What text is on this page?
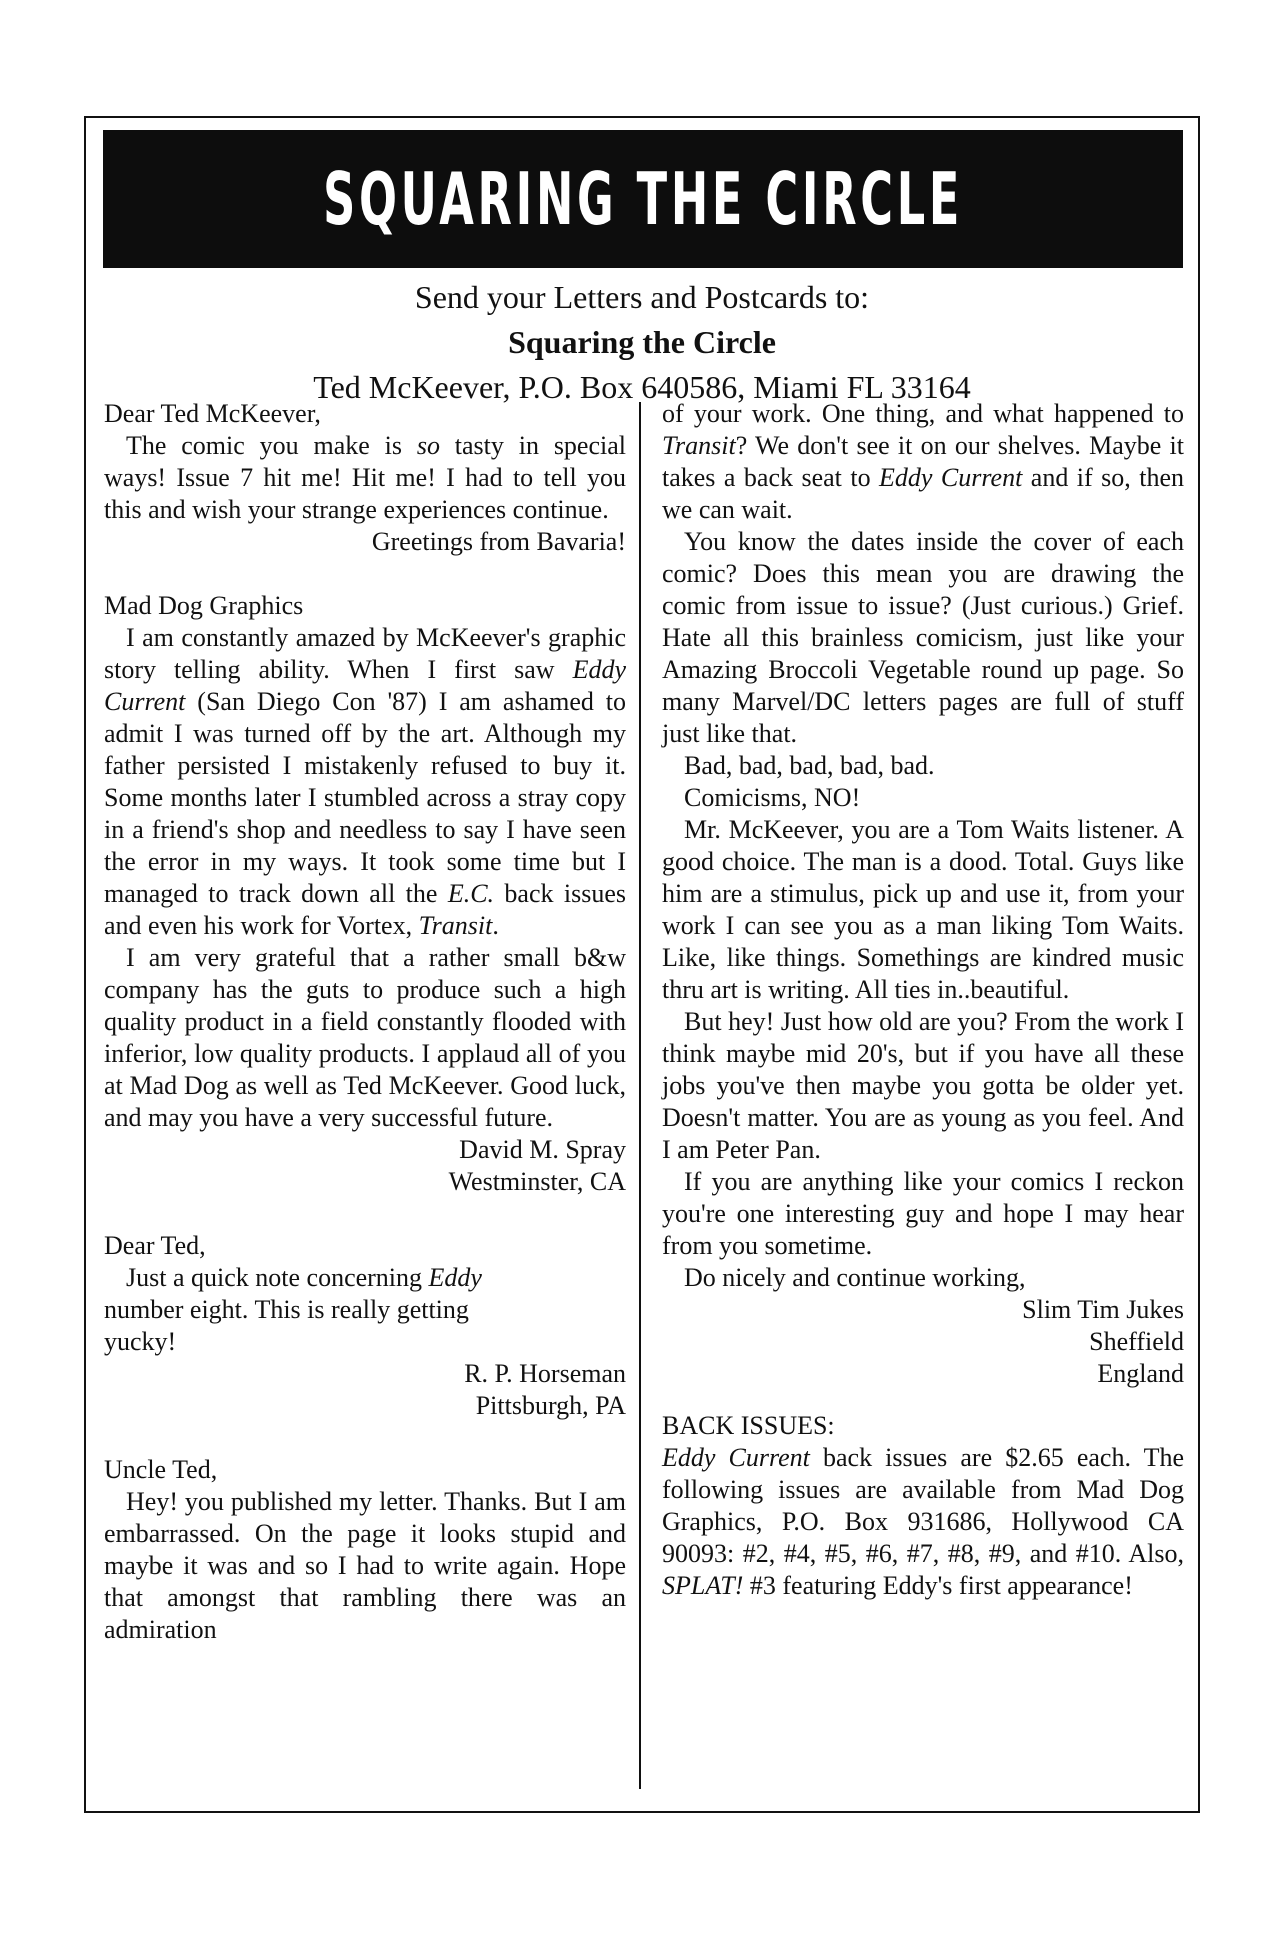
SQUARING THE CIRCLE

Send your Letters and Postcards to:

Squaring the Circle

Ted McKeever, P.O. Box 640586, Miami FL 33164

Dear Ted McKeever,

The comic you make is so tasty in special ways! Issue 7 hit me! Hit me! I had to tell you this and wish your strange experiences continue.

Greetings from Bavaria!

Mad Dog Graphics

I am constantly amazed by McKeever's graphic story telling ability. When I first saw Eddy Current (San Diego Con '87) I am ashamed to admit I was turned off by the art. Although my father persisted I mistakenly refused to buy it. Some months later I stumbled across a stray copy in a friend's shop and needless to say I have seen the error in my ways. It took some time but I managed to track down all the E.C. back issues and even his work for Vortex, Transit.

I am very grateful that a rather small b&w company has the guts to produce such a high quality product in a field constantly flooded with inferior, low quality products. I applaud all of you at Mad Dog as well as Ted McKeever. Good luck, and may you have a very successful future.

David M. Spray

Westminster, CA

Dear Ted,

Just a quick note concerning Eddy number eight. This is really getting yucky!

R. P. Horseman

Pittsburgh, PA

Uncle Ted,

Hey! you published my letter. Thanks. But I am embarrassed. On the page it looks stupid and maybe it was and so I had to write again. Hope that amongst that rambling there was an admiration

of your work. One thing, and what happened to Transit? We don't see it on our shelves. Maybe it takes a back seat to Eddy Current and if so, then we can wait.

You know the dates inside the cover of each comic? Does this mean you are drawing the comic from issue to issue? (Just curious.) Grief. Hate all this brainless comicism, just like your Amazing Broccoli Vegetable round up page. So many Marvel/DC letters pages are full of stuff just like that.

Bad, bad, bad, bad, bad.

Comicisms, NO!

Mr. McKeever, you are a Tom Waits listener. A good choice. The man is a dood. Total. Guys like him are a stimulus, pick up and use it, from your work I can see you as a man liking Tom Waits. Like, like things. Somethings are kindred music thru art is writing. All ties in..beautiful.

But hey! Just how old are you? From the work I think maybe mid 20's, but if you have all these jobs you've then maybe you gotta be older yet. Doesn't matter. You are as young as you feel. And I am Peter Pan.

If you are anything like your comics I reckon you're one interesting guy and hope I may hear from you sometime.

Do nicely and continue working,

Slim Tim Jukes

Sheffield

England

BACK ISSUES:

Eddy Current back issues are $2.65 each. The following issues are available from Mad Dog Graphics, P.O. Box 931686, Hollywood CA 90093: #2, #4, #5, #6, #7, #8, #9, and #10. Also, SPLAT! #3 featuring Eddy's first appearance!
